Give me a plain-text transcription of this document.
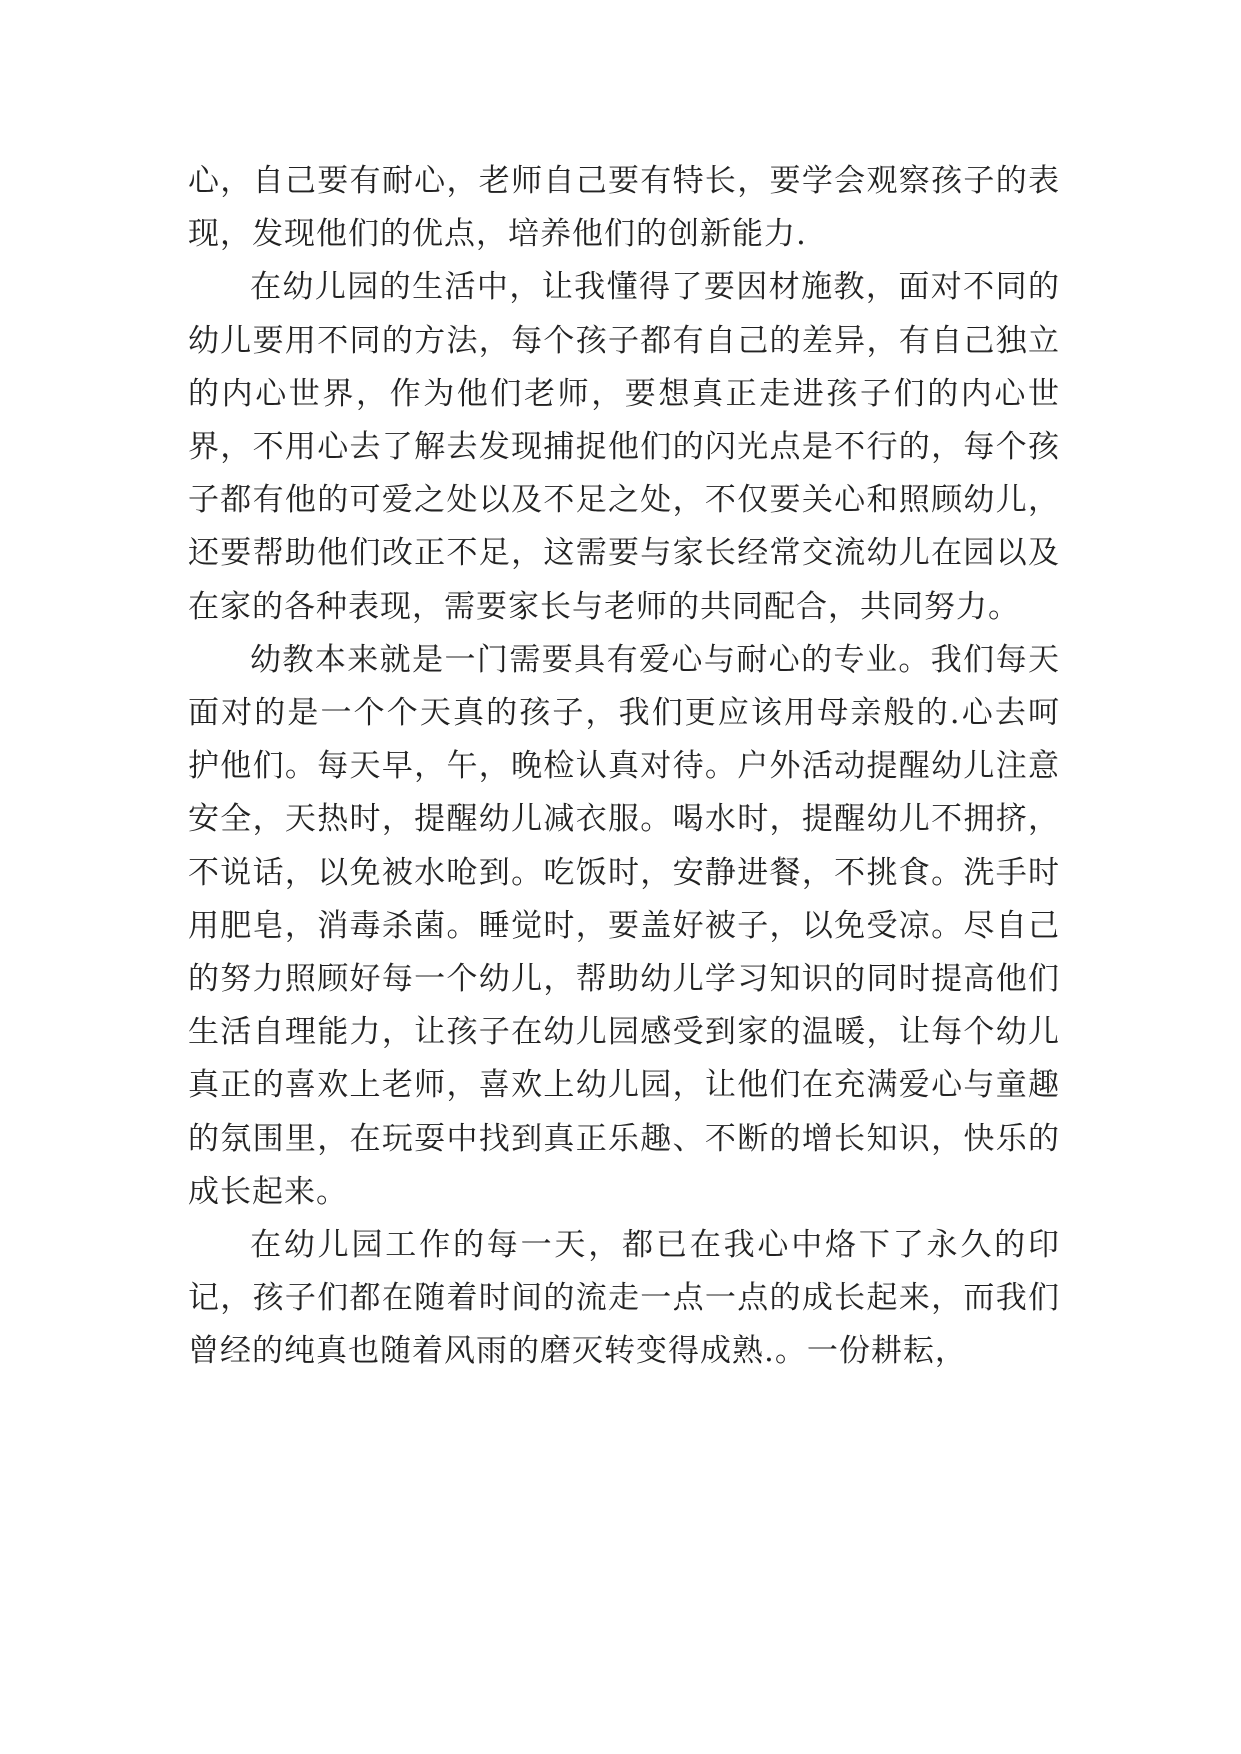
心，自己要有耐心，老师自己要有特长，要学会观察孩子的表现，发现他们的优点，培养他们的创新能力.

在幼儿园的生活中，让我懂得了要因材施教，面对不同的幼儿要用不同的方法，每个孩子都有自己的差异，有自己独立的内心世界，作为他们老师，要想真正走进孩子们的内心世界，不用心去了解去发现捕捉他们的闪光点是不行的，每个孩子都有他的可爱之处以及不足之处，不仅要关心和照顾幼儿，还要帮助他们改正不足，这需要与家长经常交流幼儿在园以及在家的各种表现，需要家长与老师的共同配合，共同努力。

幼教本来就是一门需要具有爱心与耐心的专业。我们每天面对的是一个个天真的孩子，我们更应该用母亲般的.心去呵护他们。每天早，午，晚检认真对待。户外活动提醒幼儿注意安全，天热时，提醒幼儿减衣服。喝水时，提醒幼儿不拥挤，不说话，以免被水呛到。吃饭时，安静进餐，不挑食。洗手时用肥皂，消毒杀菌。睡觉时，要盖好被子，以免受凉。尽自己的努力照顾好每一个幼儿，帮助幼儿学习知识的同时提高他们生活自理能力，让孩子在幼儿园感受到家的温暖，让每个幼儿真正的喜欢上老师，喜欢上幼儿园，让他们在充满爱心与童趣的氛围里，在玩耍中找到真正乐趣、不断的增长知识，快乐的成长起来。

在幼儿园工作的每一天，都已在我心中烙下了永久的印记，孩子们都在随着时间的流走一点一点的成长起来，而我们曾经的纯真也随着风雨的磨灭转变得成熟.。一份耕耘，
